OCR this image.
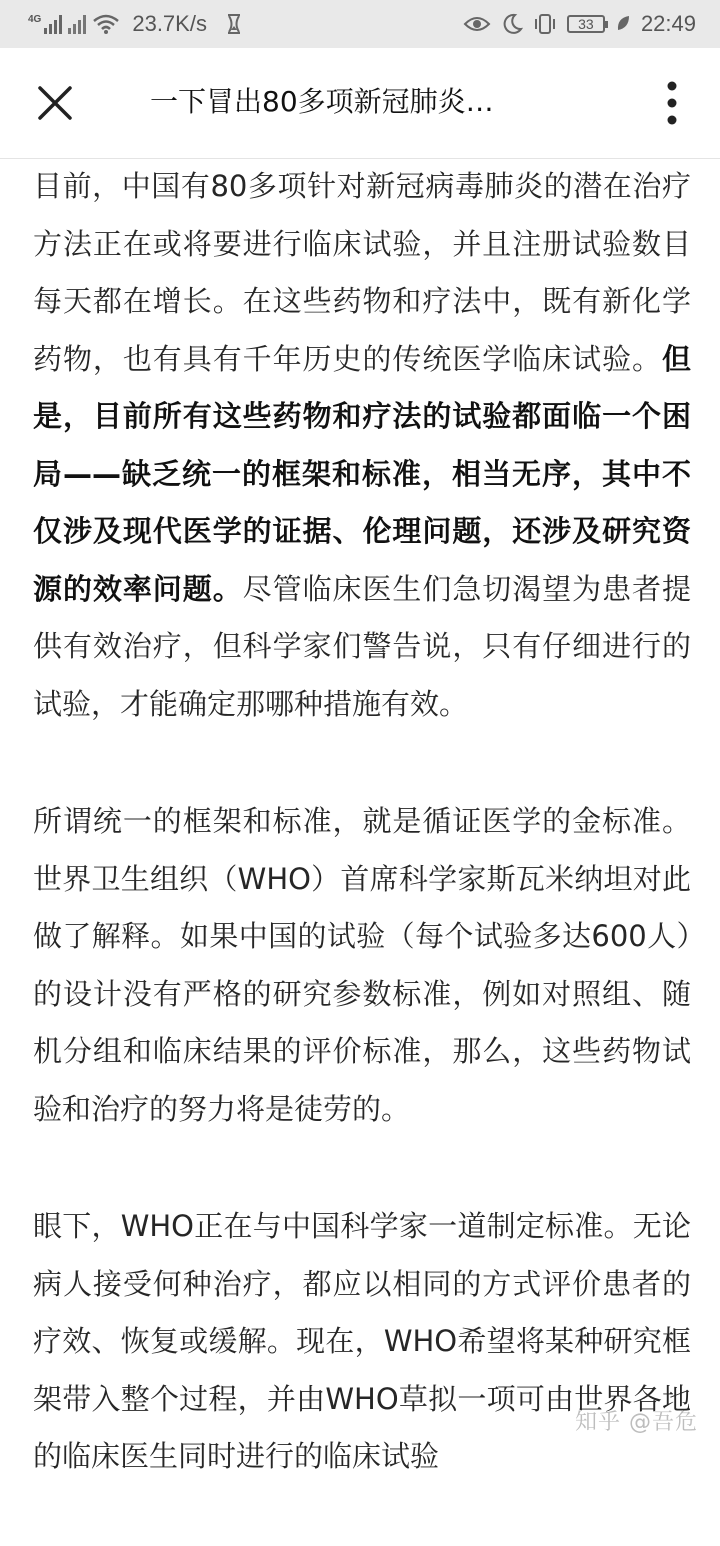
4G	23.7K/s	33	22:49
一下冒出80多项新冠肺炎…

目前，中国有80多项针对新冠病毒肺炎的潜在治疗方法正在或将要进行临床试验，并且注册试验数目每天都在增长。在这些药物和疗法中，既有新化学药物，也有具有千年历史的传统医学临床试验。但是，目前所有这些药物和疗法的试验都面临一个困局——缺乏统一的框架和标准，相当无序，其中不仅涉及现代医学的证据、伦理问题，还涉及研究资源的效率问题。尽管临床医生们急切渴望为患者提供有效治疗，但科学家们警告说，只有仔细进行的试验，才能确定那哪种措施有效。

所谓统一的框架和标准，就是循证医学的金标准。世界卫生组织（WHO）首席科学家斯瓦米纳坦对此做了解释。如果中国的试验（每个试验多达600人）的设计没有严格的研究参数标准，例如对照组、随机分组和临床结果的评价标准，那么，这些药物试验和治疗的努力将是徒劳的。

眼下，WHO正在与中国科学家一道制定标准。无论病人接受何种治疗，都应以相同的方式评价患者的疗效、恢复或缓解。现在，WHO希望将某种研究框架带入整个过程，并由WHO草拟一项可由世界各地的临床医生同时进行的临床试验

知乎 @吾危
